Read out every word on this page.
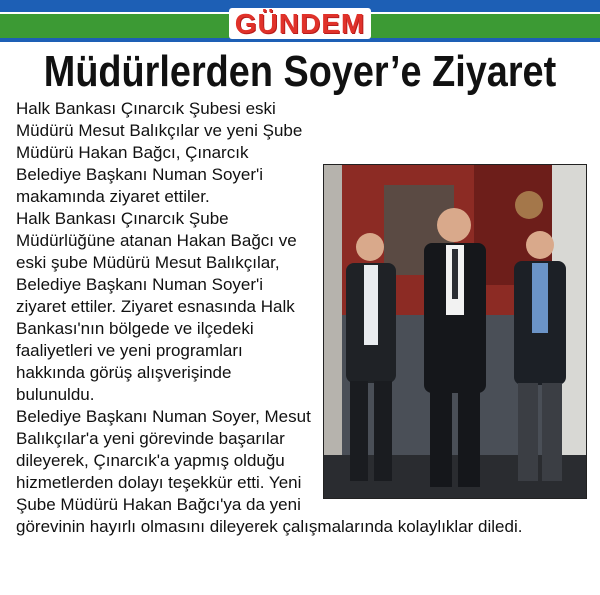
GÜNDEM
Müdürlerden Soyer’e Ziyaret

Halk Bankası Çınarcık Şubesi eski Müdürü Mesut Balıkçılar ve yeni Şube Müdürü Hakan Bağcı, Çınarcık Belediye Başkanı Numan Soyer'i makamında ziyaret ettiler.

Halk Bankası Çınarcık Şube Müdürlüğüne atanan Hakan Bağcı ve eski şube Müdürü Mesut Balıkçılar, Belediye Başkanı Numan Soyer'i ziyaret ettiler. Ziyaret esnasında Halk Bankası'nın bölgede ve ilçedeki faaliyetleri ve yeni programları hakkında görüş alışverişinde bulunuldu.

Belediye Başkanı Numan Soyer, Mesut Balıkçılar'a yeni görevinde başarılar dileyerek, Çınarcık'a yapmış olduğu hizmetlerden dolayı teşekkür etti. Yeni Şube Müdürü Hakan Bağcı'ya da yeni görevinin hayırlı olmasını dileyerek çalışmalarında kolaylıklar diledi.
